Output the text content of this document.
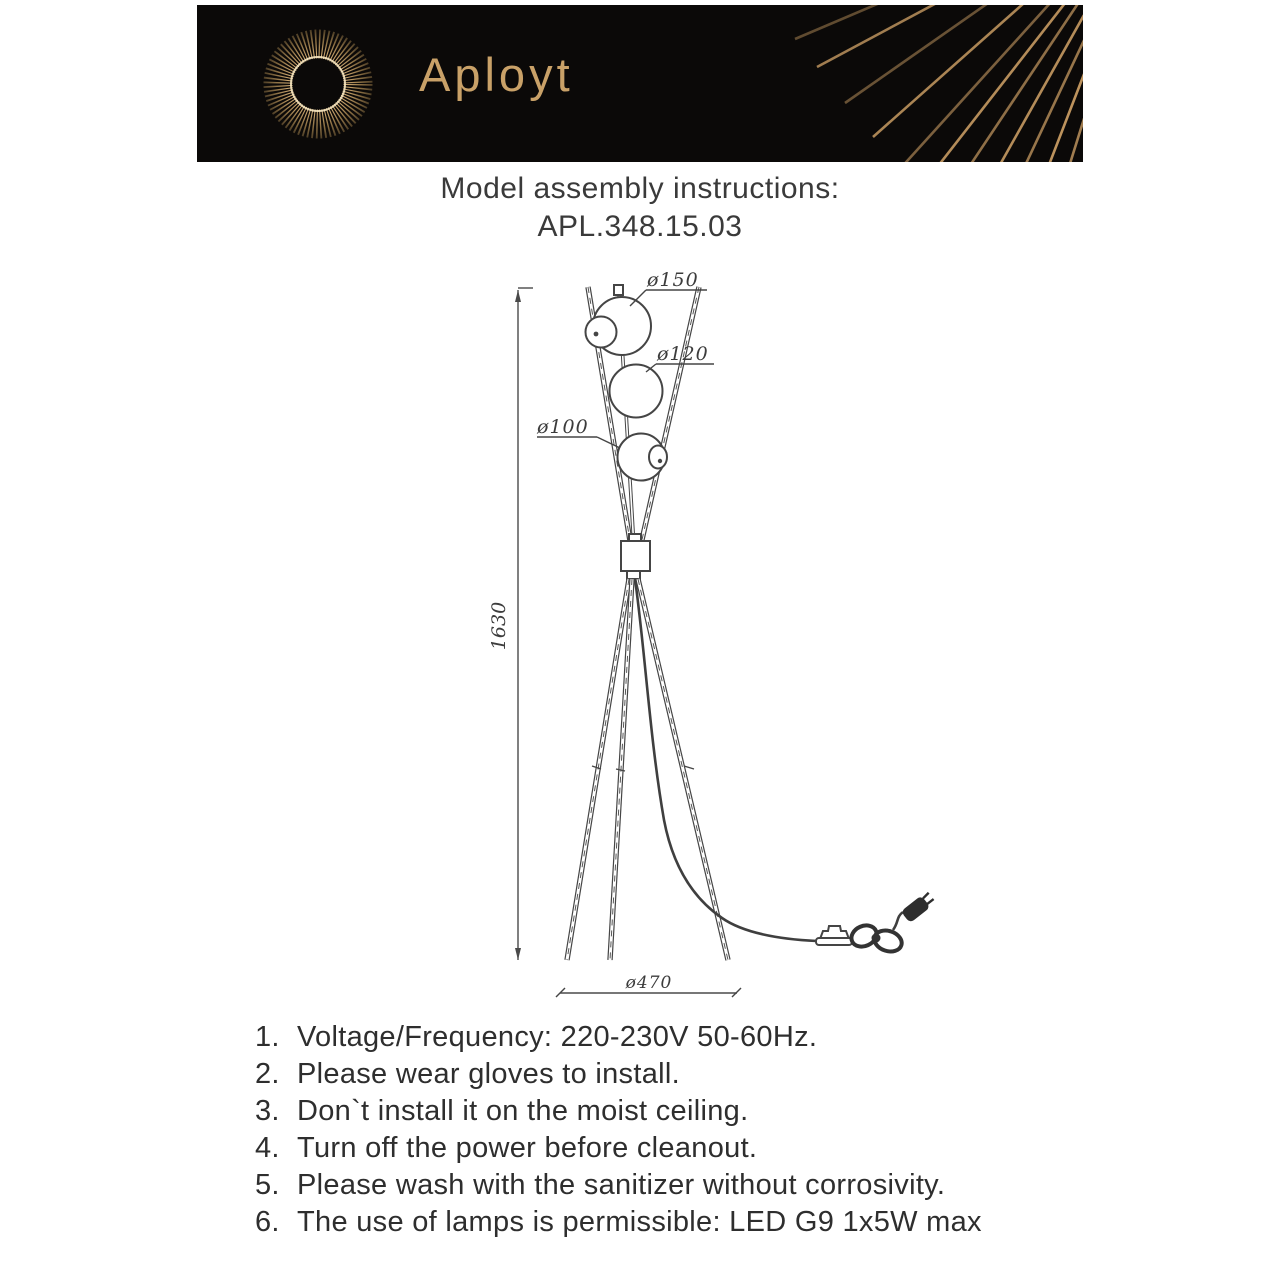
Aployt
Model assembly instructions:
APL.348.15.03
1630
ø150
ø120
ø100
ø470
1. Voltage/Frequency: 220-230V 50-60Hz.
2. Please wear gloves to install.
3. Don`t install it on the moist ceiling.
4. Turn off the power before cleanout.
5. Please wash with the sanitizer without corrosivity.
6. The use of lamps is permissible: LED G9 1x5W max
